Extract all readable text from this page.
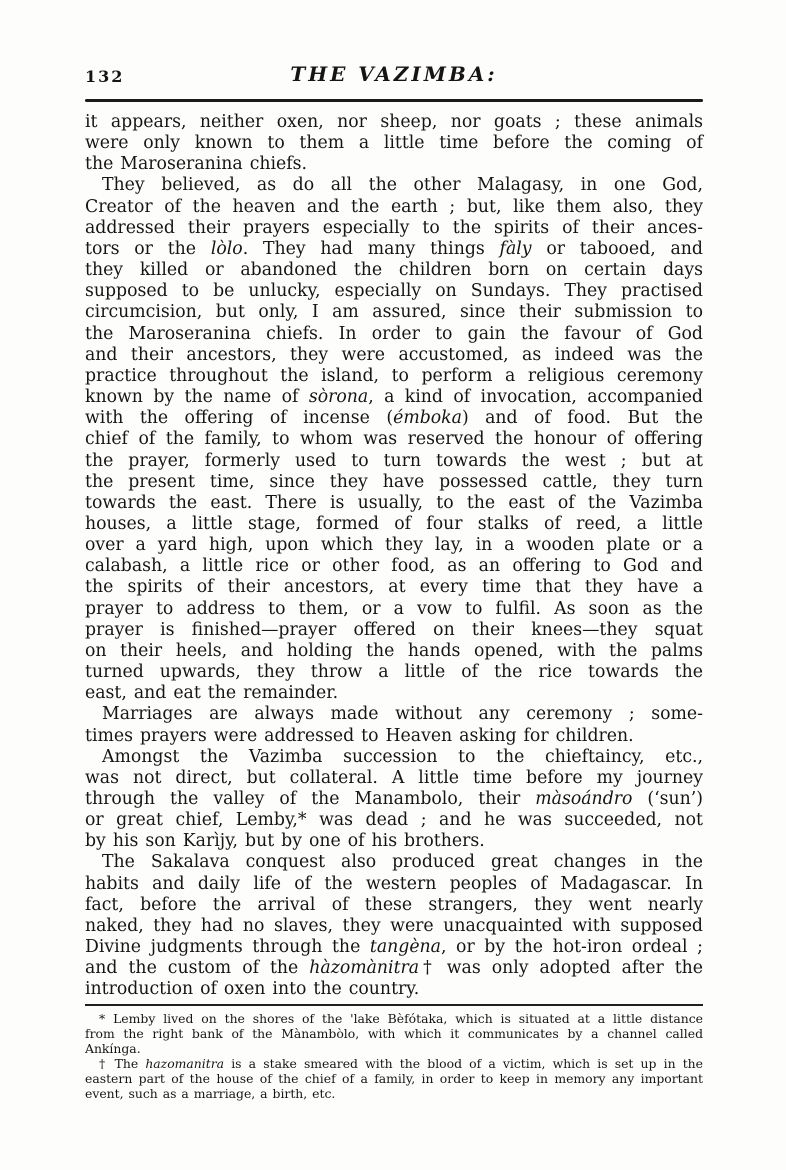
132	THE VAZIMBA:
it appears, neither oxen, nor sheep, nor goats ; these animals
were only known to them a little time before the coming of
the Maroseranina chiefs.
They believed, as do all the other Malagasy, in one God,
Creator of the heaven and the earth ; but, like them also, they
addressed their prayers especially to the spirits of their ances-
tors or the lòlo. They had many things fàly or tabooed, and
they killed or abandoned the children born on certain days
supposed to be unlucky, especially on Sundays. They practised
circumcision, but only, I am assured, since their submission to
the Maroseranina chiefs. In order to gain the favour of God
and their ancestors, they were accustomed, as indeed was the
practice throughout the island, to perform a religious ceremony
known by the name of sòrona, a kind of invocation, accompanied
with the offering of incense (émboka) and of food. But the
chief of the family, to whom was reserved the honour of offering
the prayer, formerly used to turn towards the west ; but at
the present time, since they have possessed cattle, they turn
towards the east. There is usually, to the east of the Vazimba
houses, a little stage, formed of four stalks of reed, a little
over a yard high, upon which they lay, in a wooden plate or a
calabash, a little rice or other food, as an offering to God and
the spirits of their ancestors, at every time that they have a
prayer to address to them, or a vow to fulfil. As soon as the
prayer is finished—prayer offered on their knees—they squat
on their heels, and holding the hands opened, with the palms
turned upwards, they throw a little of the rice towards the
east, and eat the remainder.
Marriages are always made without any ceremony ; some-
times prayers were addressed to Heaven asking for children.
Amongst the Vazimba succession to the chieftaincy, etc.,
was not direct, but collateral. A little time before my journey
through the valley of the Manambolo, their màsoándro (‘sun’)
or great chief, Lemby,* was dead ; and he was succeeded, not
by his son Karìjy, but by one of his brothers.
The Sakalava conquest also produced great changes in the
habits and daily life of the western peoples of Madagascar. In
fact, before the arrival of these strangers, they went nearly
naked, they had no slaves, they were unacquainted with supposed
Divine judgments through the tangèna, or by the hot-iron ordeal ;
and the custom of the hàzomànitra† was only adopted after the
introduction of oxen into the country.
* Lemby lived on the shores of the 'lake Bèfótaka, which is situated at a little distance
from the right bank of the Mànambòlo, with which it communicates by a channel called
Ankínga.
† The hazomanitra is a stake smeared with the blood of a victim, which is set up in the
eastern part of the house of the chief of a family, in order to keep in memory any important
event, such as a marriage, a birth, etc.
